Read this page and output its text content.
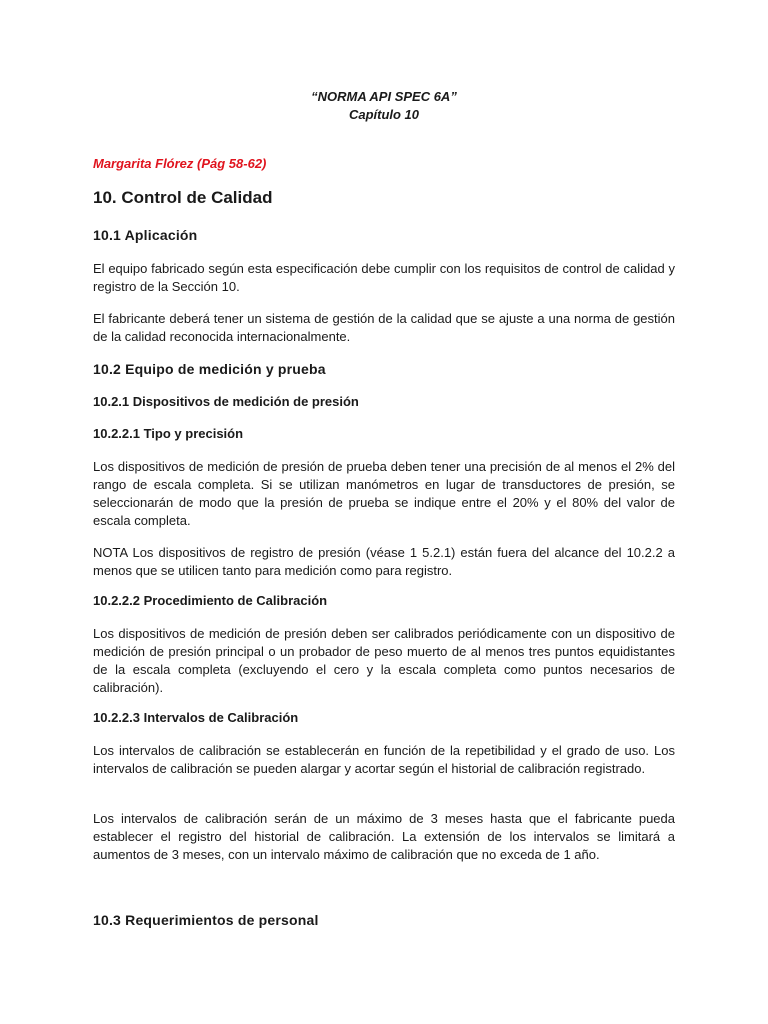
“NORMA API SPEC 6A”
Capítulo 10
Margarita Flórez (Pág 58-62)
10. Control de Calidad
10.1 Aplicación
El equipo fabricado según esta especificación debe cumplir con los requisitos de control de calidad y registro de la Sección 10.
El fabricante deberá tener un sistema de gestión de la calidad que se ajuste a una norma de gestión de la calidad reconocida internacionalmente.
10.2 Equipo de medición y prueba
10.2.1 Dispositivos de medición de presión
10.2.2.1 Tipo y precisión
Los dispositivos de medición de presión de prueba deben tener una precisión de al menos el 2% del rango de escala completa. Si se utilizan manómetros en lugar de transductores de presión, se seleccionarán de modo que la presión de prueba se indique entre el 20% y el 80% del valor de escala completa.
NOTA Los dispositivos de registro de presión (véase 1 5.2.1) están fuera del alcance del 10.2.2 a menos que se utilicen tanto para medición como para registro.
10.2.2.2 Procedimiento de Calibración
Los dispositivos de medición de presión deben ser calibrados periódicamente con un dispositivo de medición de presión principal o un probador de peso muerto de al menos tres puntos equidistantes de la escala completa (excluyendo el cero y la escala completa como puntos necesarios de calibración).
10.2.2.3 Intervalos de Calibración
Los intervalos de calibración se establecerán en función de la repetibilidad y el grado de uso. Los intervalos de calibración se pueden alargar y acortar según el historial de calibración registrado.
Los intervalos de calibración serán de un máximo de 3 meses hasta que el fabricante pueda establecer el registro del historial de calibración. La extensión de los intervalos se limitará a aumentos de 3 meses, con un intervalo máximo de calibración que no exceda de 1 año.
10.3 Requerimientos de personal
